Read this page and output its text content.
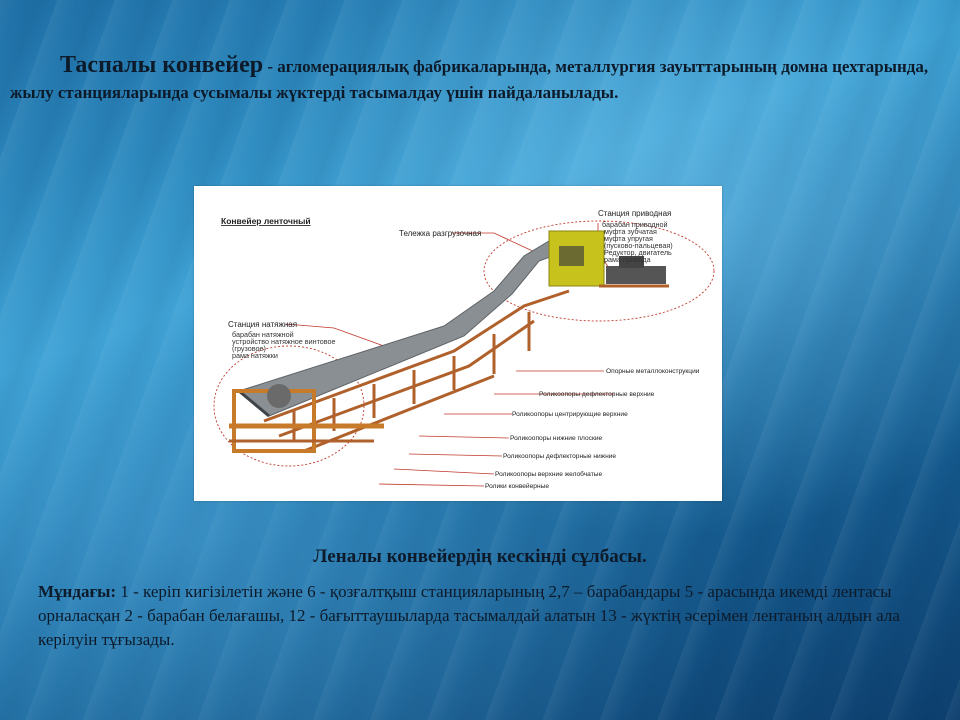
Таспалы конвейер - агломерациялық фабрикаларында, металлургия зауыттарының домна цехтарында, жылу станцияларында сусымалы жүктерді тасымалдау үшін пайдаланылады.
Конвейер ленточный
Тележка разгрузочная
Станция приводная
барабан приводной
муфта зубчатая
муфта упругая
(пусково-пальцевая)
Редуктор, двигатель
рама привода
Станция натяжная
барабан натяжной
устройство натяжное винтовое
(грузовое)
рама натяжки
Опорные металлоконструкции
Роликоопоры дефлекторные верхние
Роликоопоры центрирующие верхние
Роликоопоры нижние плоские
Роликоопоры дефлекторные нижние
Роликоопоры верхние желобчатые
Ролики конвейерные
Леналы конвейердің кескінді сұлбасы.
Мұндағы: 1 - керіп кигізілетін және 6 - қозғалтқыш станцияларының 2,7 – барабандары 5 - арасында икемді лентасы орналасқан 2 - барабан белағашы, 12 - бағыттаушыларда тасымалдай алатын 13 - жүктің әсерімен лентаның алдын ала керілуін тұғызады.
